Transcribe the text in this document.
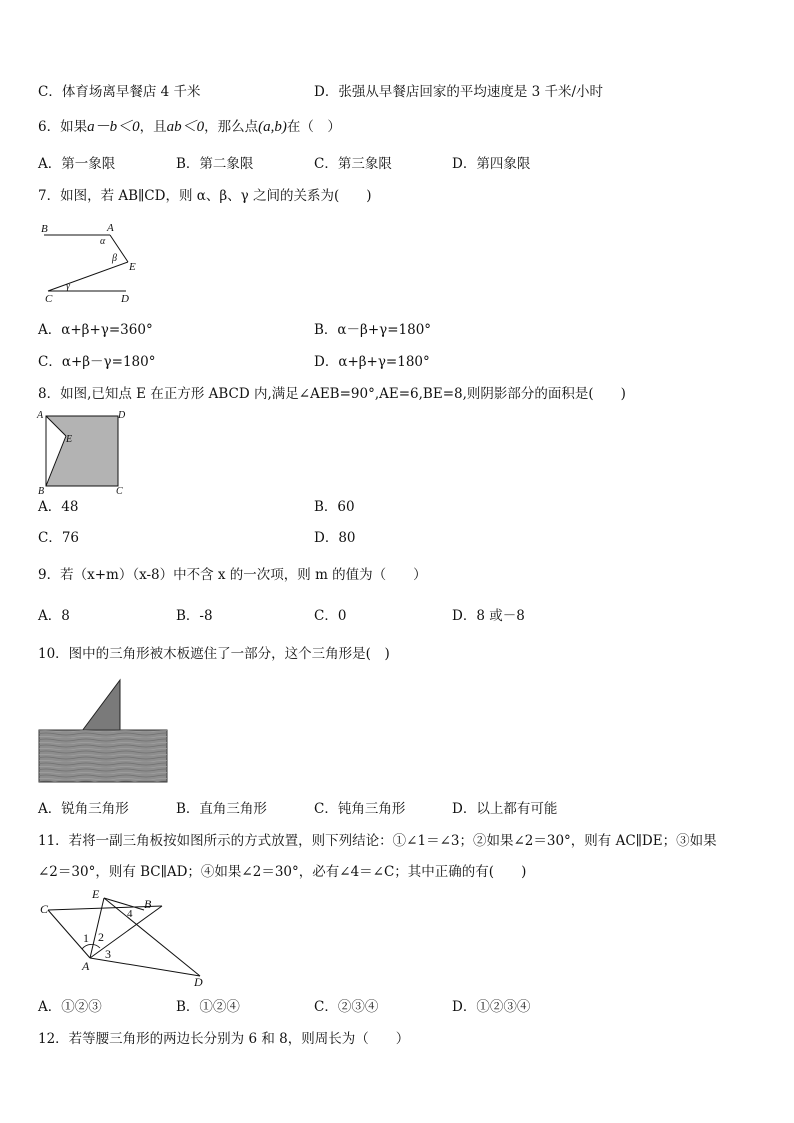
C．体育场离早餐店 4 千米	D．张强从早餐店回家的平均速度是 3 千米/小时
6．如果a－b＜0，且ab＜0，那么点(a,b)在（　）
A．第一象限	B．第二象限	C．第三象限	D．第四象限
7．如图，若 AB∥CD，则 α、β、γ 之间的关系为(　　)
B	A
α
β
E
γ
C	D
A．α+β+γ=360°	B．α－β+γ=180°
C．α+β－γ=180°	D．α+β+γ=180°
8．如图,已知点 E 在正方形 ABCD 内,满足∠AEB=90°,AE=6,BE=8,则阴影部分的面积是(　　)
A	D
E
B	C
A．48	B．60
C．76	D．80
9．若（x+m）（x-8）中不含 x 的一次项，则 m 的值为（　　）
A．8	B．-8	C．0	D．8 或－8
10．图中的三角形被木板遮住了一部分，这个三角形是(　)
A．锐角三角形	B．直角三角形	C．钝角三角形	D．以上都有可能
11．若将一副三角板按如图所示的方式放置，则下列结论：①∠1＝∠3；②如果∠2＝30°，则有 AC∥DE；③如果
∠2＝30°，则有 BC∥AD；④如果∠2＝30°，必有∠4＝∠C；其中正确的有(　　)
C
E
B
4
1 2
3
A
D
A．①②③	B．①②④	C．②③④	D．①②③④
12．若等腰三角形的两边长分别为 6 和 8，则周长为（　　）
